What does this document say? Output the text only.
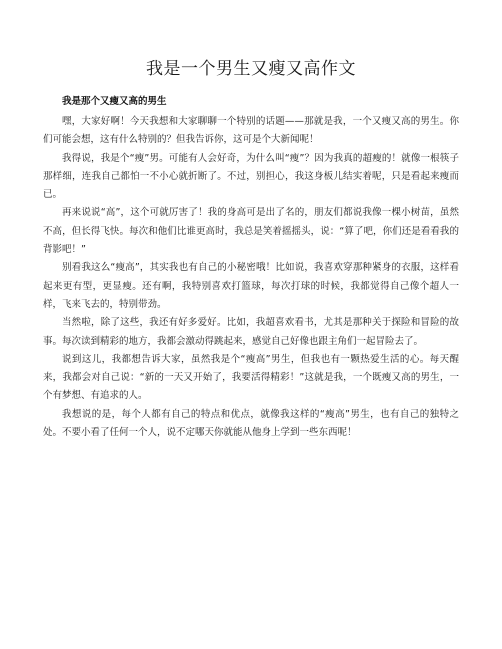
我是一个男生又瘦又高作文
我是那个又瘦又高的男生

嘿，大家好啊！今天我想和大家聊聊一个特别的话题——那就是我，一个又瘦又高的男生。你们可能会想，这有什么特别的？但我告诉你，这可是个大新闻呢！

我得说，我是个“瘦”男。可能有人会好奇，为什么叫“瘦”？因为我真的超瘦的！就像一根筷子那样细，连我自己都怕一不小心就折断了。不过，别担心，我这身板儿结实着呢，只是看起来瘦而已。

再来说说“高”，这个可就厉害了！我的身高可是出了名的，朋友们都说我像一棵小树苗，虽然不高，但长得飞快。每次和他们比谁更高时，我总是笑着摇摇头，说：“算了吧，你们还是看看我的背影吧！”

别看我这么“瘦高”，其实我也有自己的小秘密哦！比如说，我喜欢穿那种紧身的衣服，这样看起来更有型，更显瘦。还有啊，我特别喜欢打篮球，每次打球的时候，我都觉得自己像个超人一样，飞来飞去的，特别带劲。

当然啦，除了这些，我还有好多爱好。比如，我超喜欢看书，尤其是那种关于探险和冒险的故事。每次读到精彩的地方，我都会激动得跳起来，感觉自己好像也跟主角们一起冒险去了。

说到这儿，我都想告诉大家，虽然我是个“瘦高”男生，但我也有一颗热爱生活的心。每天醒来，我都会对自己说：“新的一天又开始了，我要活得精彩！”这就是我，一个既瘦又高的男生，一个有梦想、有追求的人。

我想说的是，每个人都有自己的特点和优点，就像我这样的“瘦高”男生，也有自己的独特之处。不要小看了任何一个人，说不定哪天你就能从他身上学到一些东西呢！
